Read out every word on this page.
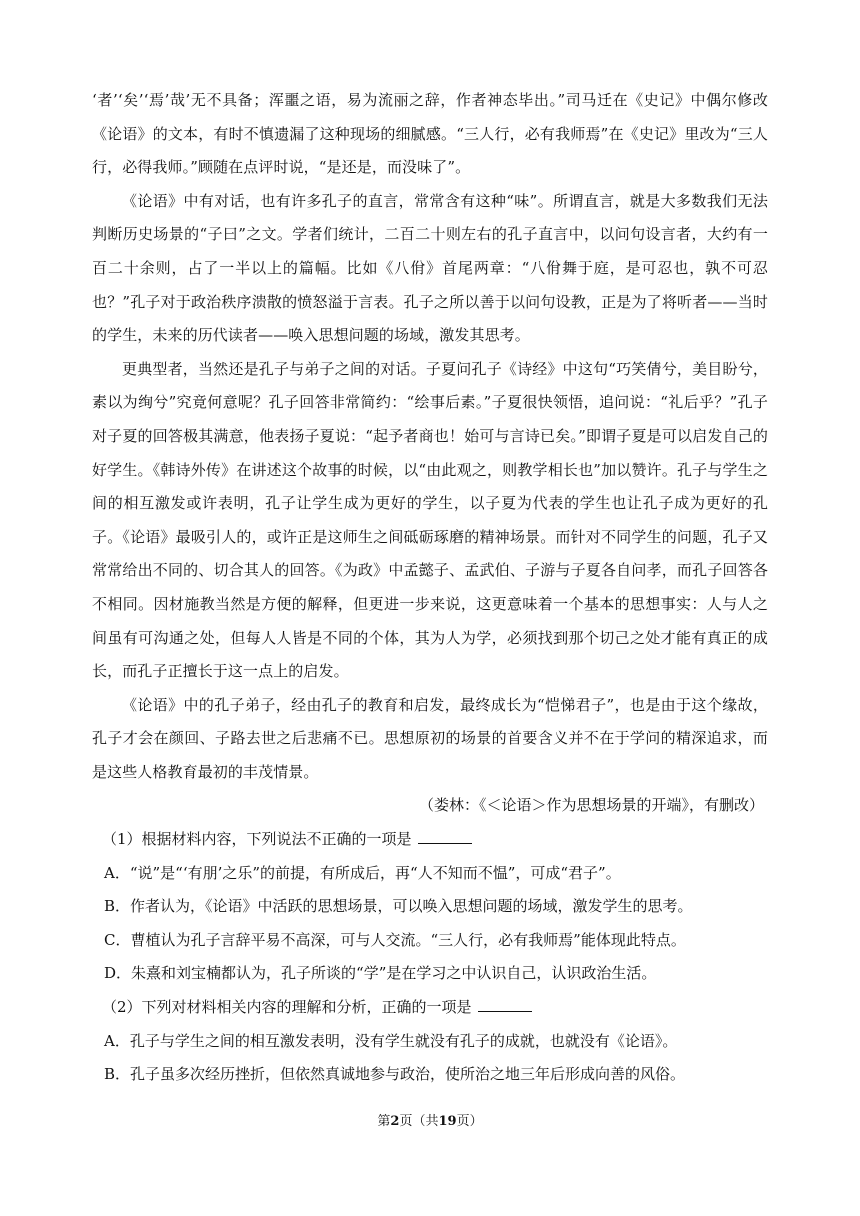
‘者’‘矣’‘焉’哉’无不具备；浑噩之语，易为流丽之辞，作者神态毕出。”司马迁在《史记》中偶尔修改《论语》的文本，有时不慎遗漏了这种现场的细腻感。“三人行，必有我师焉”在《史记》里改为“三人行，必得我师。”顾随在点评时说，“是还是，而没味了”。

《论语》中有对话，也有许多孔子的直言，常常含有这种“味”。所谓直言，就是大多数我们无法判断历史场景的“子曰”之文。学者们统计，二百二十则左右的孔子直言中，以问句设言者，大约有一百二十余则，占了一半以上的篇幅。比如《八佾》首尾两章：“八佾舞于庭，是可忍也，孰不可忍也？”孔子对于政治秩序溃散的愤怒溢于言表。孔子之所以善于以问句设教，正是为了将听者——当时的学生，未来的历代读者——唤入思想问题的场域，激发其思考。

更典型者，当然还是孔子与弟子之间的对话。子夏问孔子《诗经》中这句“巧笑倩兮，美目盼兮，素以为绚兮”究竟何意呢？孔子回答非常简约：“绘事后素。”子夏很快领悟，追问说：“礼后乎？”孔子对子夏的回答极其满意，他表扬子夏说：“起予者商也！始可与言诗已矣。”即谓子夏是可以启发自己的好学生。《韩诗外传》在讲述这个故事的时候，以“由此观之，则教学相长也”加以赞许。孔子与学生之间的相互激发或许表明，孔子让学生成为更好的学生，以子夏为代表的学生也让孔子成为更好的孔子。《论语》最吸引人的，或许正是这师生之间砥砺琢磨的精神场景。而针对不同学生的问题，孔子又常常给出不同的、切合其人的回答。《为政》中孟懿子、孟武伯、子游与子夏各自问孝，而孔子回答各不相同。因材施教当然是方便的解释，但更进一步来说，这更意味着一个基本的思想事实：人与人之间虽有可沟通之处，但每人人皆是不同的个体，其为人为学，必须找到那个切己之处才能有真正的成长，而孔子正擅长于这一点上的启发。

《论语》中的孔子弟子，经由孔子的教育和启发，最终成长为“恺悌君子”，也是由于这个缘故，孔子才会在颜回、子路去世之后悲痛不已。思想原初的场景的首要含义并不在于学问的精深追求，而是这些人格教育最初的丰茂情景。

（娄林：《＜论语＞作为思想场景的开端》，有删改）

（1）根据材料内容，下列说法不正确的一项是

A．“说”是“‘有朋’之乐”的前提，有所成后，再“人不知而不愠”，可成“君子”。

B．作者认为，《论语》中活跃的思想场景，可以唤入思想问题的场域，激发学生的思考。

C．曹植认为孔子言辞平易不高深，可与人交流。“三人行，必有我师焉”能体现此特点。

D．朱熹和刘宝楠都认为，孔子所谈的“学”是在学习之中认识自己，认识政治生活。

（2）下列对材料相关内容的理解和分析，正确的一项是

A．孔子与学生之间的相互激发表明，没有学生就没有孔子的成就，也就没有《论语》。

B．孔子虽多次经历挫折，但依然真诚地参与政治，使所治之地三年后形成向善的风俗。

第2页（共19页）
